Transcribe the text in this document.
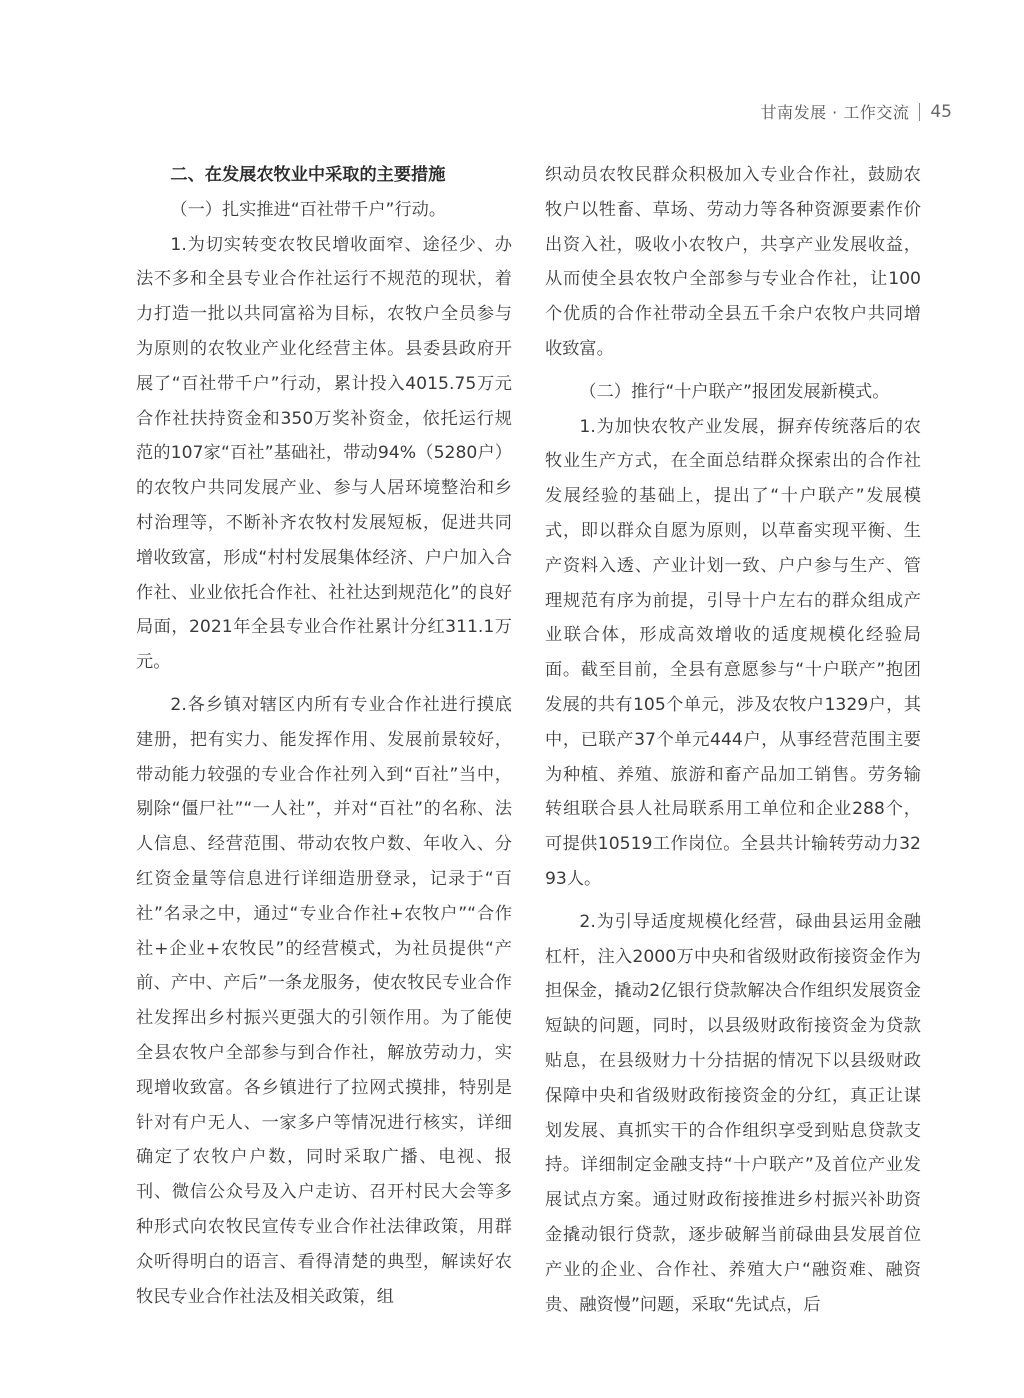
甘南发展 · 工作交流 45

二、在发展农牧业中采取的主要措施

（一）扎实推进“百社带千户”行动。

1.为切实转变农牧民增收面窄、途径少、办法不多和全县专业合作社运行不规范的现状，着力打造一批以共同富裕为目标，农牧户全员参与为原则的农牧业产业化经营主体。县委县政府开展了“百社带千户”行动，累计投入4015.75万元合作社扶持资金和350万奖补资金，依托运行规范的107家“百社”基础社，带动94%（5280户）的农牧户共同发展产业、参与人居环境整治和乡村治理等，不断补齐农牧村发展短板，促进共同增收致富，形成“村村发展集体经济、户户加入合作社、业业依托合作社、社社达到规范化”的良好局面，2021年全县专业合作社累计分红311.1万元。

2.各乡镇对辖区内所有专业合作社进行摸底建册，把有实力、能发挥作用、发展前景较好，带动能力较强的专业合作社列入到“百社”当中，剔除“僵尸社”“一人社”，并对“百社”的名称、法人信息、经营范围、带动农牧户数、年收入、分红资金量等信息进行详细造册登录，记录于“百社”名录之中，通过“专业合作社+农牧户”“合作社+企业+农牧民”的经营模式，为社员提供“产前、产中、产后”一条龙服务，使农牧民专业合作社发挥出乡村振兴更强大的引领作用。为了能使全县农牧户全部参与到合作社，解放劳动力，实现增收致富。各乡镇进行了拉网式摸排，特别是针对有户无人、一家多户等情况进行核实，详细确定了农牧户户数，同时采取广播、电视、报刊、微信公众号及入户走访、召开村民大会等多种形式向农牧民宣传专业合作社法律政策，用群众听得明白的语言、看得清楚的典型，解读好农牧民专业合作社法及相关政策，组

织动员农牧民群众积极加入专业合作社，鼓励农牧户以牲畜、草场、劳动力等各种资源要素作价出资入社，吸收小农牧户，共享产业发展收益，从而使全县农牧户全部参与专业合作社，让100个优质的合作社带动全县五千余户农牧户共同增收致富。

（二）推行“十户联产”报团发展新模式。

1.为加快农牧产业发展，摒弃传统落后的农牧业生产方式，在全面总结群众探索出的合作社发展经验的基础上，提出了“十户联产”发展模式，即以群众自愿为原则，以草畜实现平衡、生产资料入透、产业计划一致、户户参与生产、管理规范有序为前提，引导十户左右的群众组成产业联合体，形成高效增收的适度规模化经验局面。截至目前，全县有意愿参与“十户联产”抱团发展的共有105个单元，涉及农牧户1329户，其中，已联产37个单元444户，从事经营范围主要为种植、养殖、旅游和畜产品加工销售。劳务输转组联合县人社局联系用工单位和企业288个，可提供10519工作岗位。全县共计输转劳动力3293人。

2.为引导适度规模化经营，碌曲县运用金融杠杆，注入2000万中央和省级财政衔接资金作为担保金，撬动2亿银行贷款解决合作组织发展资金短缺的问题，同时，以县级财政衔接资金为贷款贴息，在县级财力十分拮据的情况下以县级财政保障中央和省级财政衔接资金的分红，真正让谋划发展、真抓实干的合作组织享受到贴息贷款支持。详细制定金融支持“十户联产”及首位产业发展试点方案。通过财政衔接推进乡村振兴补助资金撬动银行贷款，逐步破解当前碌曲县发展首位产业的企业、合作社、养殖大户“融资难、融资贵、融资慢”问题，采取“先试点，后
